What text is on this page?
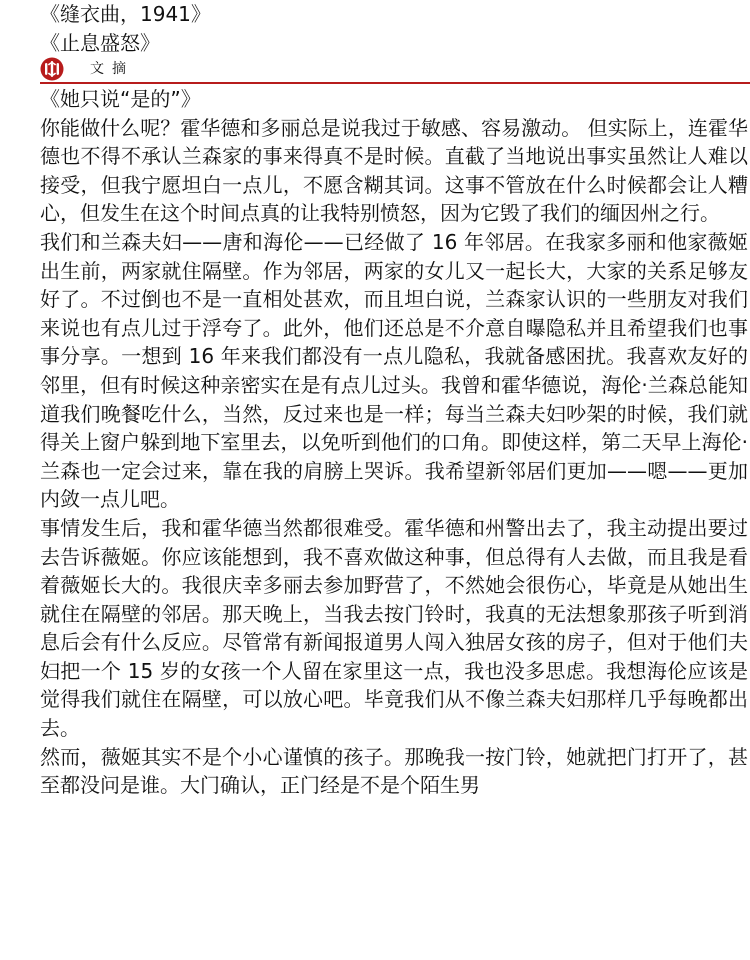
《缝衣曲，1941》
《止息盛怒》
文摘

《她只说“是的”》

你能做什么呢？霍华德和多丽总是说我过于敏感、容易激动。 但实际上，连霍华德也不得不承认兰森家的事来得真不是时候。直截了当地说出事实虽然让人难以接受，但我宁愿坦白一点儿，不愿含糊其词。这事不管放在什么时候都会让人糟心，但发生在这个时间点真的让我特别愤怒，因为它毁了我们的缅因州之行。

我们和兰森夫妇——唐和海伦——已经做了 16 年邻居。在我家多丽和他家薇姬出生前，两家就住隔壁。作为邻居，两家的女儿又一起长大，大家的关系足够友好了。不过倒也不是一直相处甚欢，而且坦白说，兰森家认识的一些朋友对我们来说也有点儿过于浮夸了。此外，他们还总是不介意自曝隐私并且希望我们也事事分享。一想到 16 年来我们都没有一点儿隐私，我就备感困扰。我喜欢友好的邻里，但有时候这种亲密实在是有点儿过头。我曾和霍华德说，海伦·兰森总能知道我们晚餐吃什么，当然，反过来也是一样；每当兰森夫妇吵架的时候，我们就得关上窗户躲到地下室里去，以免听到他们的口角。即使这样，第二天早上海伦·兰森也一定会过来，靠在我的肩膀上哭诉。我希望新邻居们更加——嗯——更加内敛一点儿吧。

事情发生后，我和霍华德当然都很难受。霍华德和州警出去了，我主动提出要过去告诉薇姬。你应该能想到，我不喜欢做这种事，但总得有人去做，而且我是看着薇姬长大的。我很庆幸多丽去参加野营了，不然她会很伤心，毕竟是从她出生就住在隔壁的邻居。那天晚上，当我去按门铃时，我真的无法想象那孩子听到消息后会有什么反应。尽管常有新闻报道男人闯入独居女孩的房子，但对于他们夫妇把一个 15 岁的女孩一个人留在家里这一点，我也没多思虑。我想海伦应该是觉得我们就住在隔壁，可以放心吧。毕竟我们从不像兰森夫妇那样几乎每晚都出去。

然而，薇姬其实不是个小心谨慎的孩子。那晚我一按门铃，她就把门打开了，甚至都没问是谁。大门确认，正门经是不是个陌生男
